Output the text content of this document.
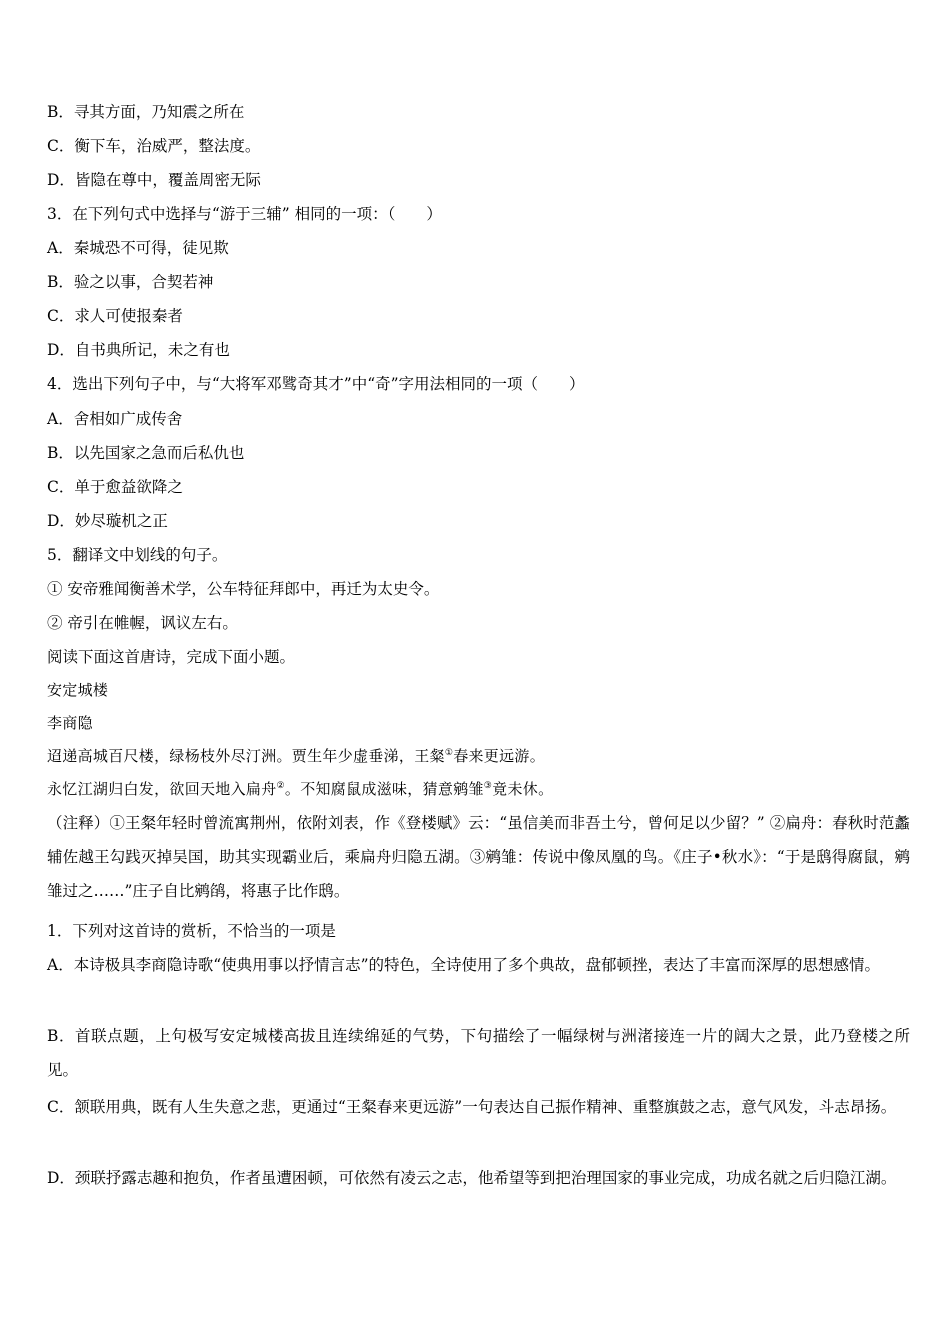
B．寻其方面，乃知震之所在
C．衡下车，治威严，整法度。
D．皆隐在尊中，覆盖周密无际
3．在下列句式中选择与“游于三辅” 相同的一项：（　　）
A．秦城恐不可得，徒见欺
B．验之以事，合契若神
C．求人可使报秦者
D．自书典所记，未之有也
4．选出下列句子中，与“大将军邓骘奇其才”中“奇”字用法相同的一项（　　）
A．舍相如广成传舍
B．以先国家之急而后私仇也
C．单于愈益欲降之
D．妙尽璇机之正
5．翻译文中划线的句子。
① 安帝雅闻衡善术学，公车特征拜郎中，再迁为太史令。
② 帝引在帷幄，讽议左右。
阅读下面这首唐诗，完成下面小题。
安定城楼
李商隐
迢递高城百尺楼，绿杨枝外尽汀洲。贾生年少虚垂涕，王粲①春来更远游。
永忆江湖归白发，欲回天地入扁舟②。不知腐鼠成滋味，猜意鹓雏③竟未休。
（注释）①王粲年轻时曾流寓荆州，依附刘表，作《登楼赋》云：“虽信美而非吾土兮，曾何足以少留？” ②扁舟：春秋时范蠡辅佐越王勾践灭掉吴国，助其实现霸业后，乘扁舟归隐五湖。③鹓雏：传说中像凤凰的鸟。《庄子•秋水》：“于是鸱得腐鼠，鹓雏过之……”庄子自比鹓鹐，将惠子比作鸱。
1．下列对这首诗的赏析，不恰当的一项是
A．本诗极具李商隐诗歌“使典用事以抒情言志”的特色，全诗使用了多个典故，盘郁顿挫，表达了丰富而深厚的思想感情。
B．首联点题，上句极写安定城楼高拔且连续绵延的气势，下句描绘了一幅绿树与洲渚接连一片的阔大之景，此乃登楼之所见。
C．颔联用典，既有人生失意之悲，更通过“王粲春来更远游”一句表达自己振作精神、重整旗鼓之志，意气风发，斗志昂扬。
D．颈联抒露志趣和抱负，作者虽遭困顿，可依然有凌云之志，他希望等到把治理国家的事业完成，功成名就之后归隐江湖。
